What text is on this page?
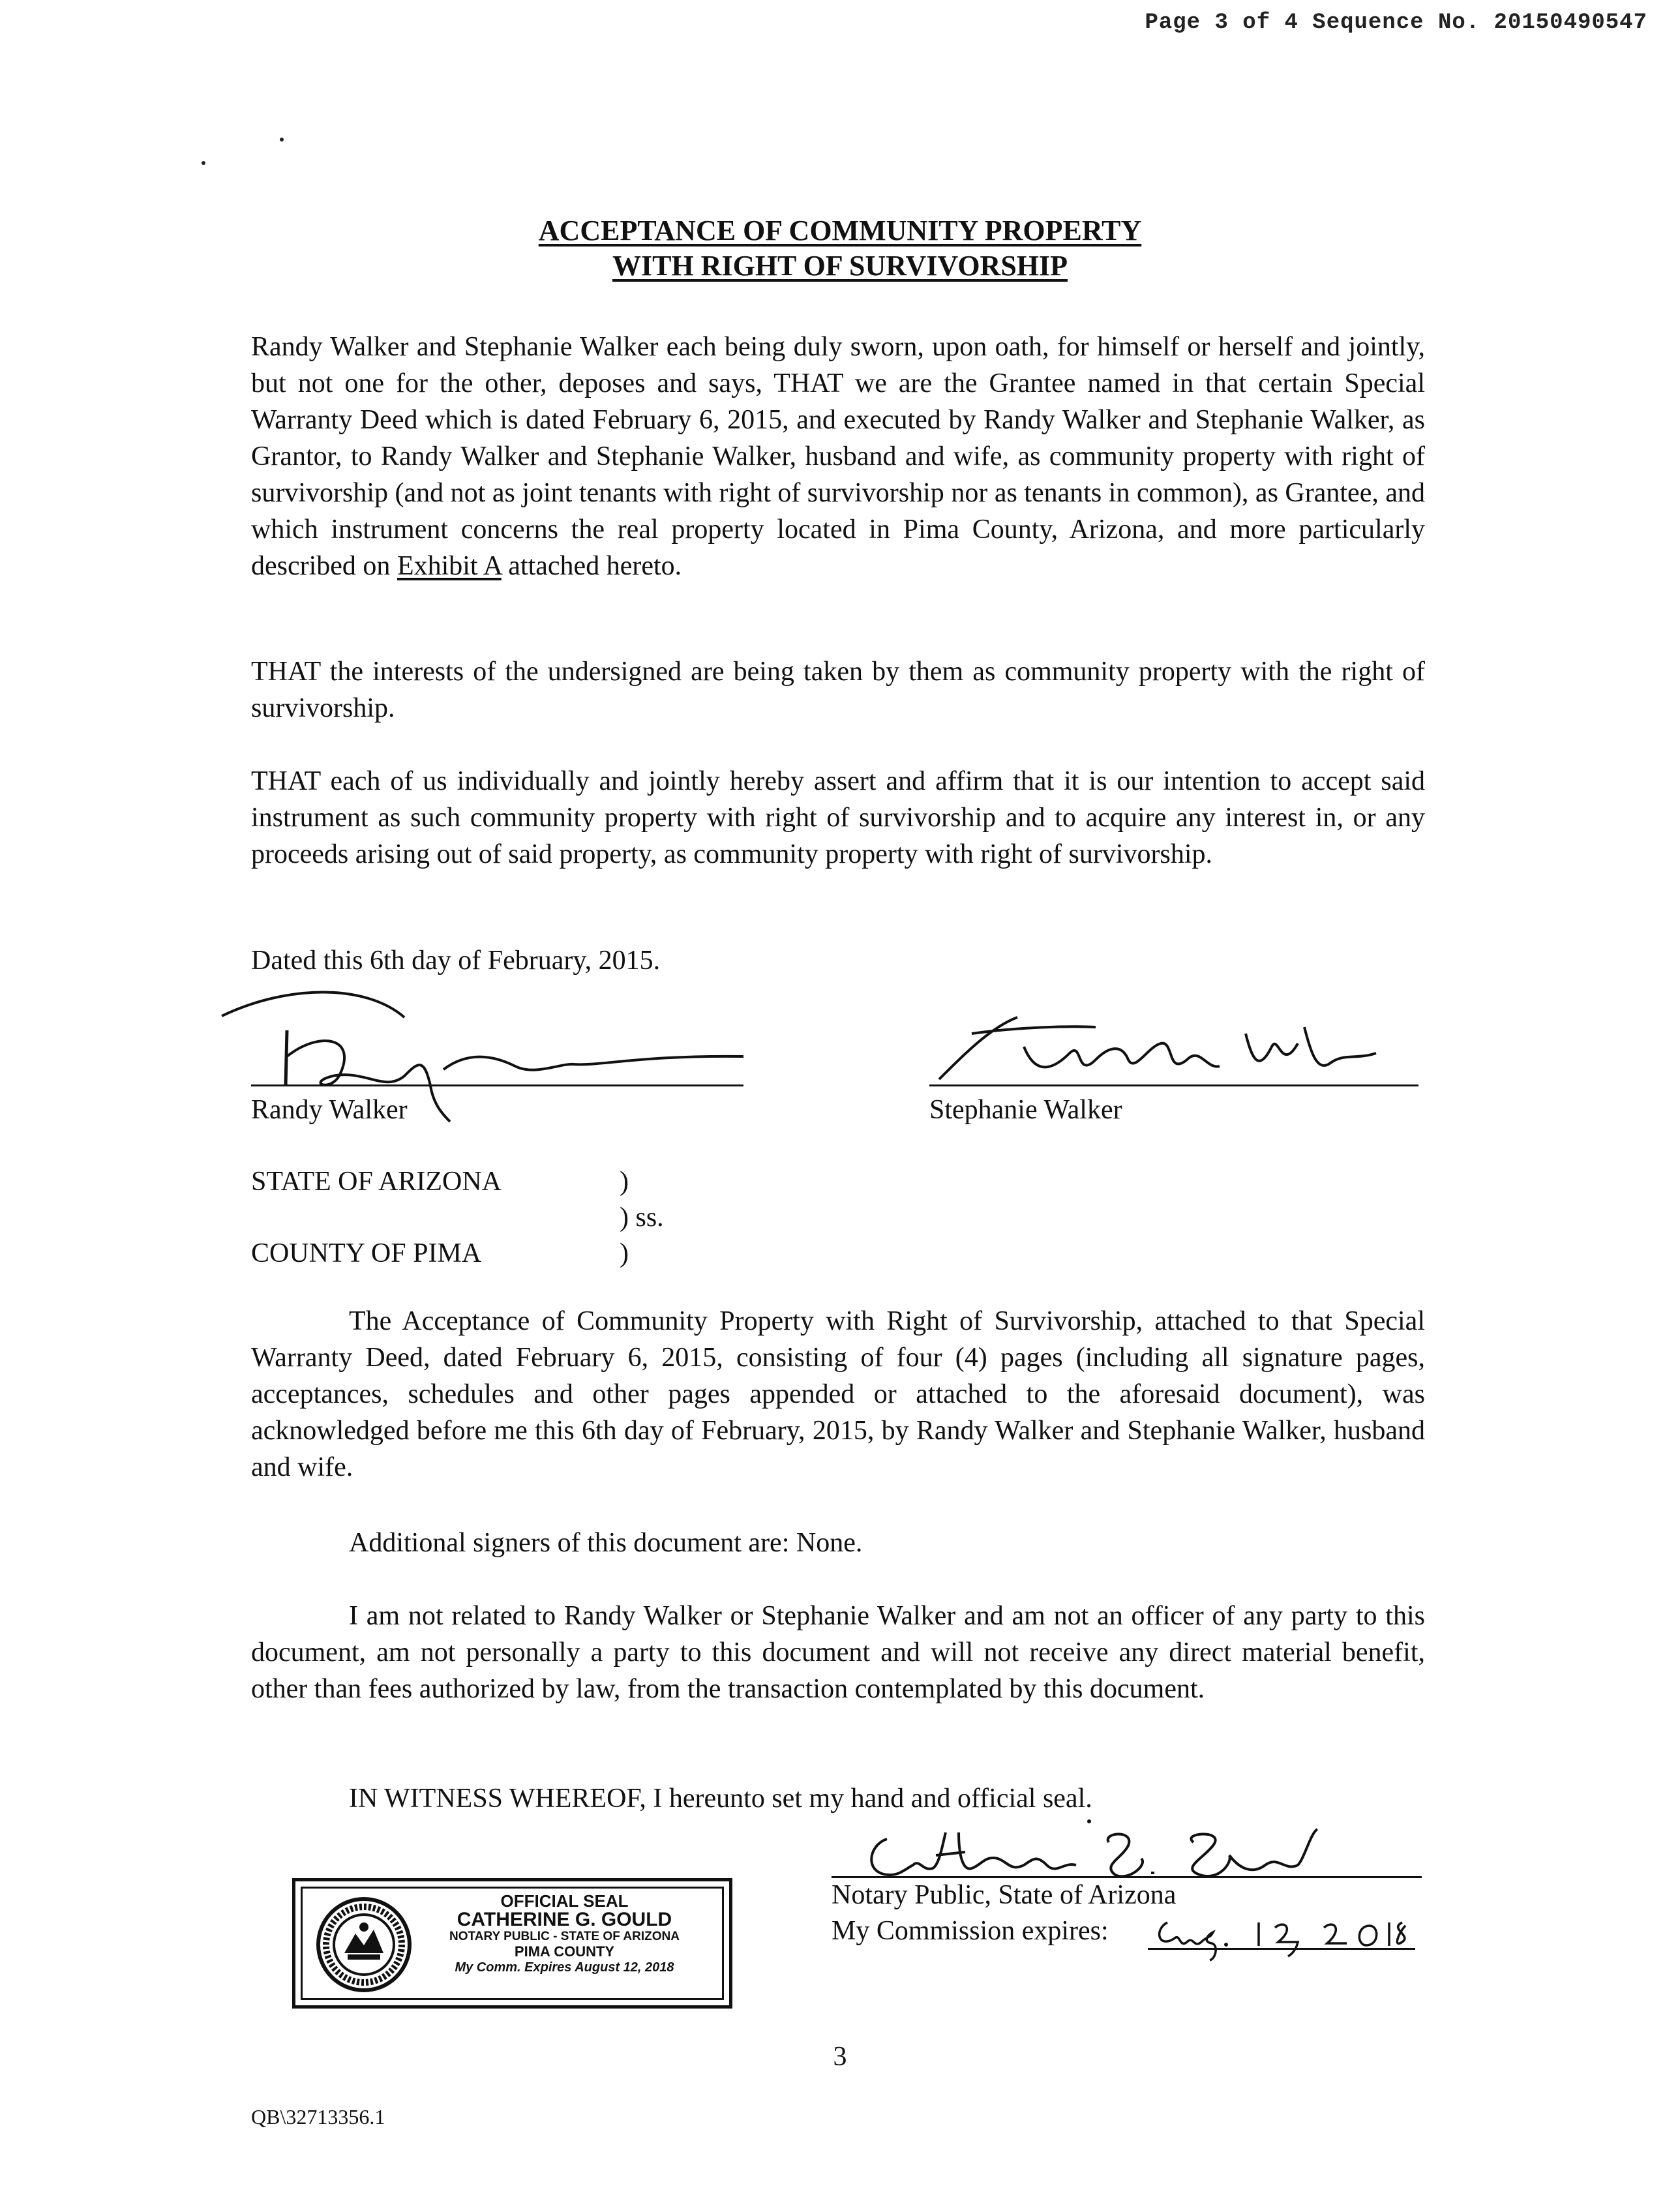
Page 3 of 4 Sequence No. 20150490547
ACCEPTANCE OF COMMUNITY PROPERTY
WITH RIGHT OF SURVIVORSHIP
Randy Walker and Stephanie Walker each being duly sworn, upon oath, for himself or herself and jointly, but not one for the other, deposes and says, THAT we are the Grantee named in that certain Special Warranty Deed which is dated February 6, 2015, and executed by Randy Walker and Stephanie Walker, as Grantor, to Randy Walker and Stephanie Walker, husband and wife, as community property with right of survivorship (and not as joint tenants with right of survivorship nor as tenants in common), as Grantee, and which instrument concerns the real property located in Pima County, Arizona, and more particularly described on Exhibit A attached hereto.
THAT the interests of the undersigned are being taken by them as community property with the right of survivorship.
THAT each of us individually and jointly hereby assert and affirm that it is our intention to accept said instrument as such community property with right of survivorship and to acquire any interest in, or any proceeds arising out of said property, as community property with right of survivorship.
Dated this 6th day of February, 2015.
Randy Walker	Stephanie Walker
STATE OF ARIZONA	)
) ss.
COUNTY OF PIMA	)
The Acceptance of Community Property with Right of Survivorship, attached to that Special Warranty Deed, dated February 6, 2015, consisting of four (4) pages (including all signature pages, acceptances, schedules and other pages appended or attached to the aforesaid document), was acknowledged before me this 6th day of February, 2015, by Randy Walker and Stephanie Walker, husband and wife.
Additional signers of this document are: None.
I am not related to Randy Walker or Stephanie Walker and am not an officer of any party to this document, am not personally a party to this document and will not receive any direct material benefit, other than fees authorized by law, from the transaction contemplated by this document.
IN WITNESS WHEREOF, I hereunto set my hand and official seal.
Notary Public, State of Arizona
My Commission expires:
OFFICIAL SEAL
CATHERINE G. GOULD
NOTARY PUBLIC - STATE OF ARIZONA
PIMA COUNTY
My Comm. Expires August 12, 2018
3
QB\32713356.1
